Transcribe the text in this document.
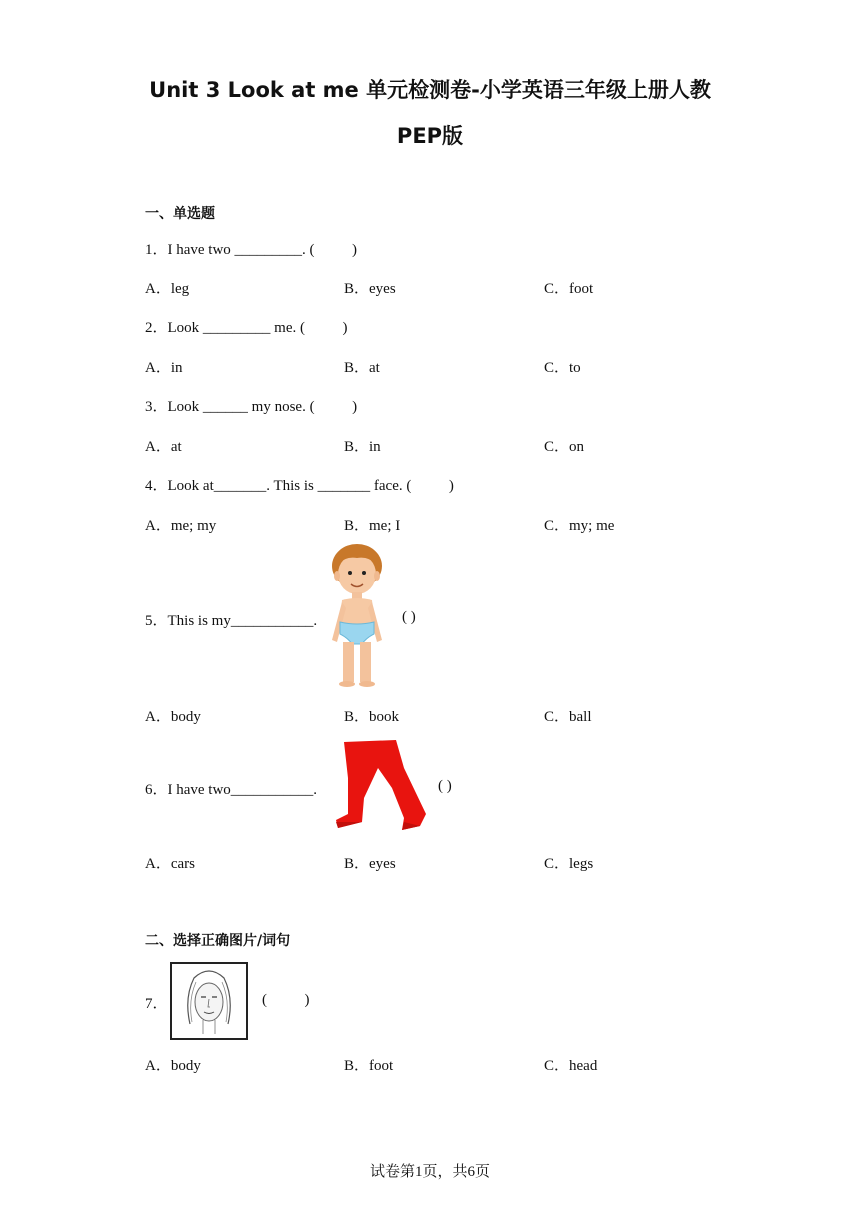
Unit 3 Look at me 单元检测卷-小学英语三年级上册人教
PEP版
一、单选题
1．I have two _________. (          )
A．leg	B．eyes	C．foot
2．Look _________ me. (          )
A．in	B．at	C．to
3．Look ______ my nose. (          )
A．at	B．in	C．on
4．Look at_______. This is _______ face. (          )
A．me; my	B．me; I	C．my; me
5．This is my___________.	( )
A．body	B．book	C．ball
6．I have two___________.	( )
A．cars	B．eyes	C．legs
二、选择正确图片/词句
7．	(          )
A．body	B．foot	C．head
试卷第1页，共6页
